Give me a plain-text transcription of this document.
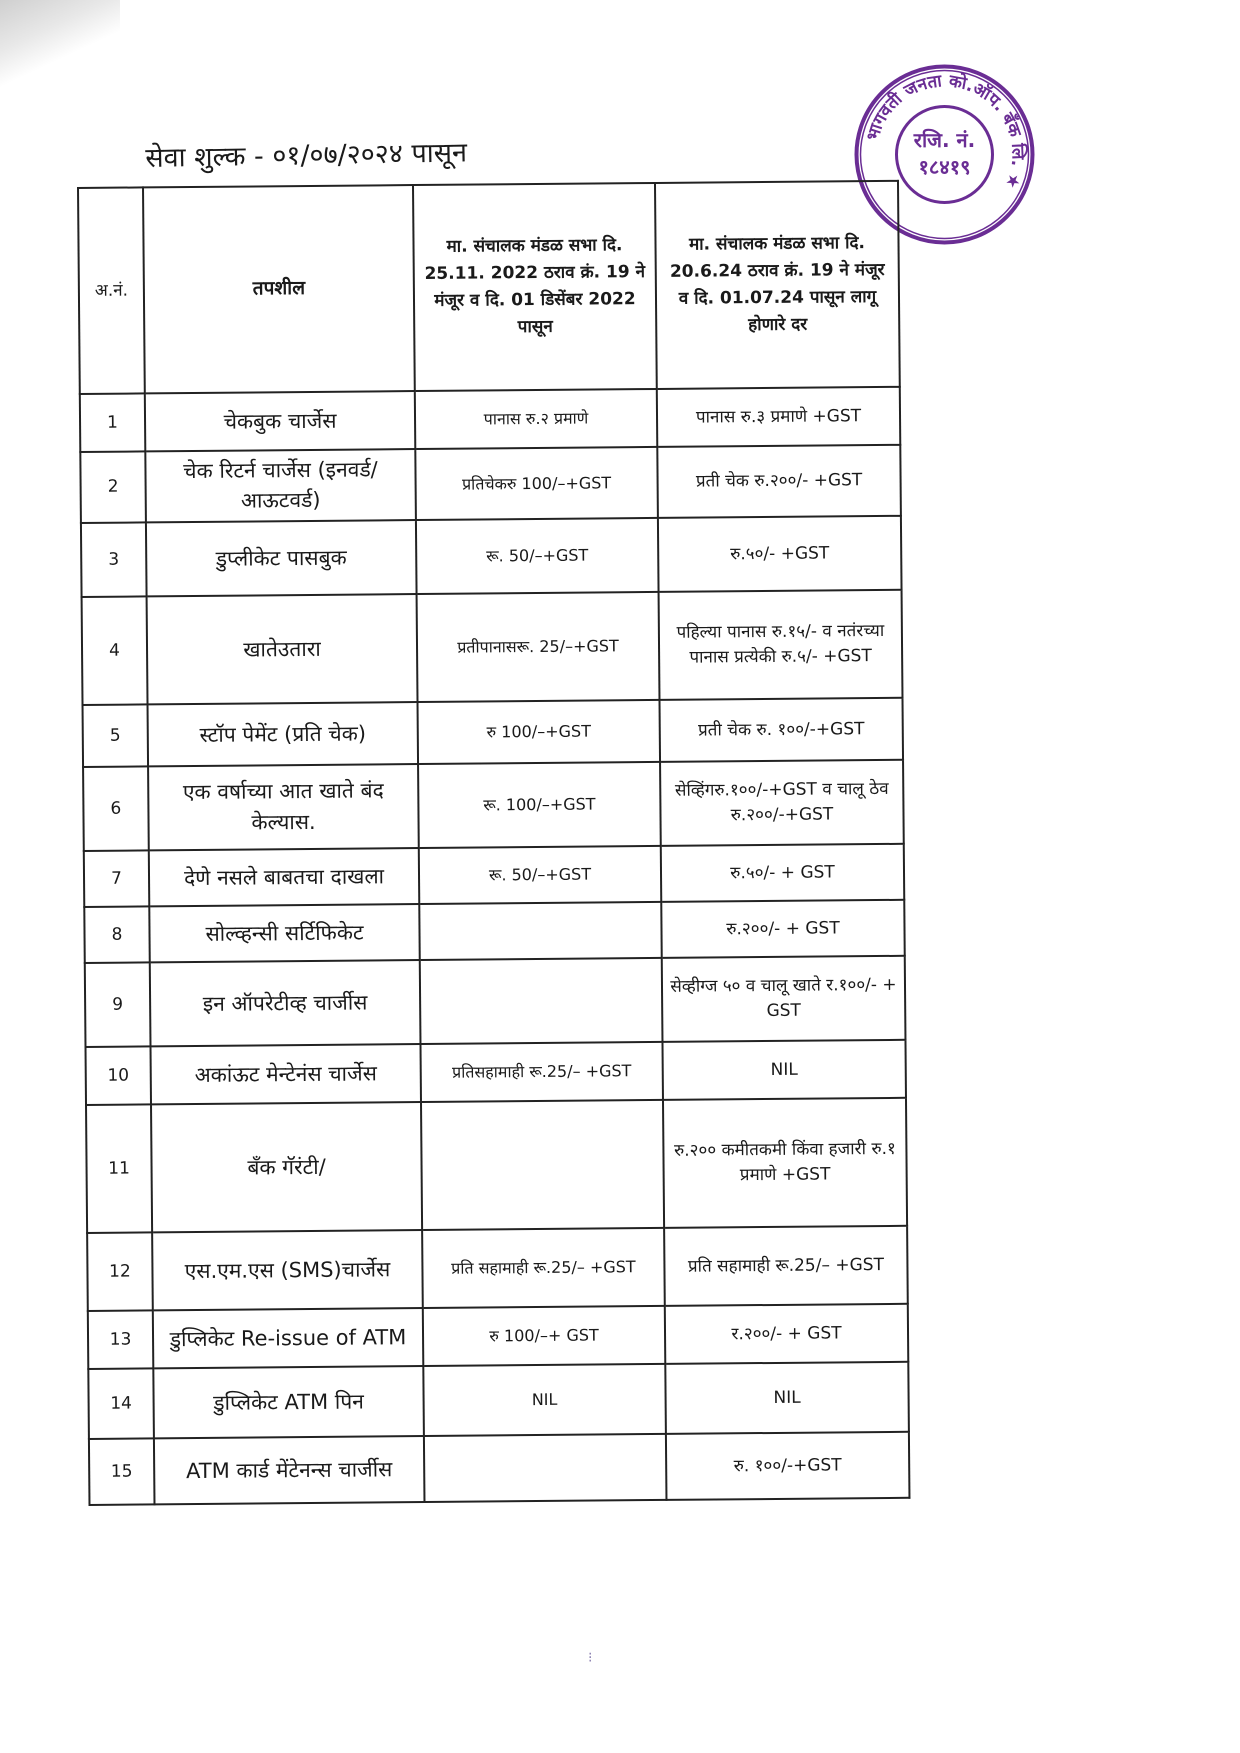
सेवा शुल्क - ०१/०७/२०२४ पासून
भागवती जनता को.ऑप. बँक लि. ★
रजि. नं.
१८४१९
अ.नं.	तपशील	मा. संचालक मंडळ सभा दि. 25.11. 2022 ठराव क्रं. 19 ने मंजूर व दि. 01 डिसेंबर 2022 पासून	मा. संचालक मंडळ सभा दि. 20.6.24 ठराव क्रं. 19 ने मंजूर व दि. 01.07.24 पासून लागू होणारे दर
1	चेकबुक चार्जेस	पानास रु.२ प्रमाणे	पानास रु.३ प्रमाणे +GST
2	चेक रिटर्न चार्जेस (इनवर्ड/आऊटवर्ड)	प्रतिचेकरु 100/–+GST	प्रती चेक रु.२००/- +GST
3	डुप्लीकेट पासबुक	रू. 50/–+GST	रु.५०/- +GST
4	खातेउतारा	प्रतीपानासरू. 25/–+GST	पहिल्या पानास रु.१५/- व नतंरच्या पानास प्रत्येकी रु.५/- +GST
5	स्टॉप पेमेंट (प्रति चेक)	रु 100/–+GST	प्रती चेक रु. १००/-+GST
6	एक वर्षाच्या आत खाते बंद केल्यास.	रू. 100/–+GST	सेव्हिंगरु.१००/-+GST व चालू ठेव रु.२००/-+GST
7	देणे नसले बाबतचा दाखला	रू. 50/–+GST	रु.५०/- + GST
8	सोल्व्हन्सी सर्टिफिकेट		रु.२००/- + GST
9	इन ऑपरेटीव्ह चार्जीस		सेव्हीग्ज ५० व चालू खाते र.१००/- + GST
10	अकांऊट मेन्टेनंस चार्जेस	प्रतिसहामाही रू.25/– +GST	NIL
11	बँक गॅरंटी/		रु.२०० कमीतकमी किंवा हजारी रु.१ प्रमाणे +GST
12	एस.एम.एस (SMS)चार्जेस	प्रति सहामाही रू.25/– +GST	प्रति सहामाही रू.25/– +GST
13	डुप्लिकेट Re-issue of ATM	रु 100/–+ GST	र.२००/- + GST
14	डुप्लिकेट ATM पिन	NIL	NIL
15	ATM कार्ड मेंटेनन्स चार्जीस		रु. १००/-+GST
⁝
